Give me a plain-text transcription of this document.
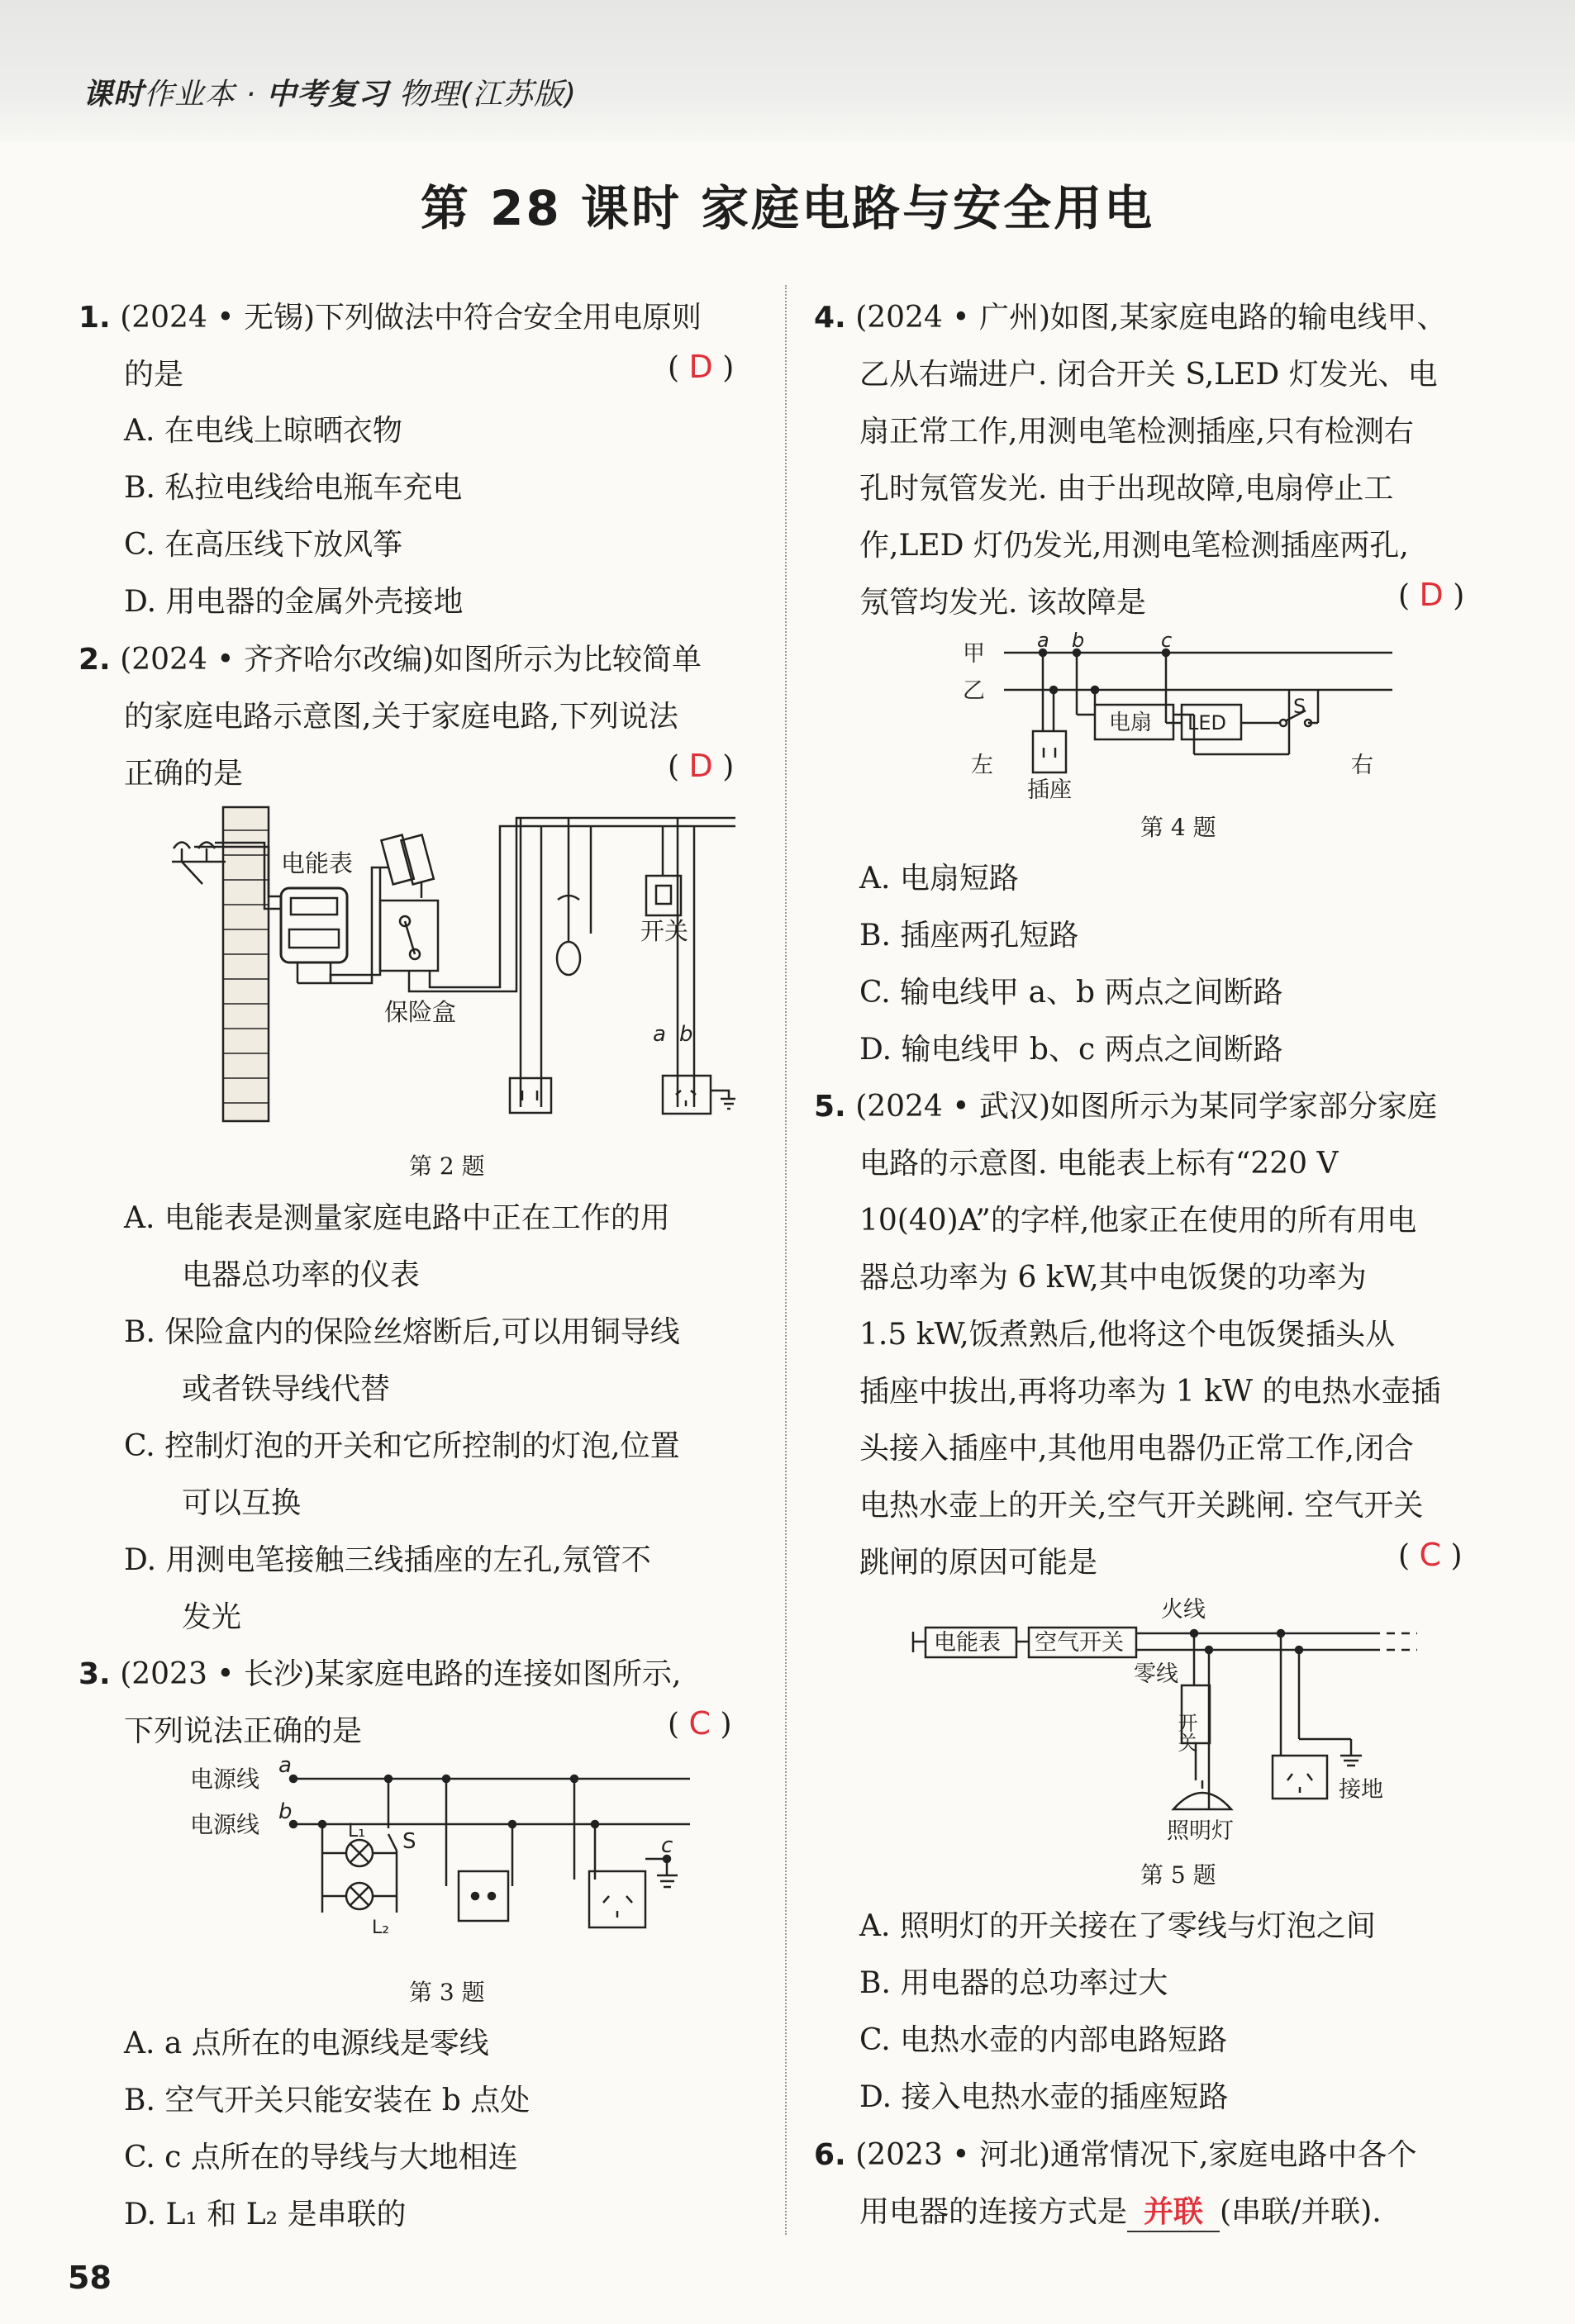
课时作业本 · 中考复习 物理(江苏版)
第 28 课时 家庭电路与安全用电
1. (2024 • 无锡)下列做法中符合安全用电原则
的是	( D )
A. 在电线上晾晒衣物
B. 私拉电线给电瓶车充电
C. 在高压线下放风筝
D. 用电器的金属外壳接地
2. (2024 • 齐齐哈尔改编)如图所示为比较简单
的家庭电路示意图,关于家庭电路,下列说法
正确的是	( D )
电能表
保险盒
开关
a b
第 2 题
A. 电能表是测量家庭电路中正在工作的用
电器总功率的仪表
B. 保险盒内的保险丝熔断后,可以用铜导线
或者铁导线代替
C. 控制灯泡的开关和它所控制的灯泡,位置
可以互换
D. 用测电笔接触三线插座的左孔,氖管不
发光
3. (2023 • 长沙)某家庭电路的连接如图所示,
下列说法正确的是	( C )
电源线
电源线
a
b
S
L₁
L₂
c
第 3 题
A. a 点所在的电源线是零线
B. 空气开关只能安装在 b 点处
C. c 点所在的导线与大地相连
D. L₁ 和 L₂ 是串联的
4. (2024 • 广州)如图,某家庭电路的输电线甲、
乙从右端进户. 闭合开关 S,LED 灯发光、电
扇正常工作,用测电笔检测插座,只有检测右
孔时氖管发光. 由于出现故障,电扇停止工
作,LED 灯仍发光,用测电笔检测插座两孔,
氖管均发光. 该故障是	( D )
甲
乙
a b	c
电扇 LED
S
左	右
插座
第 4 题
A. 电扇短路
B. 插座两孔短路
C. 输电线甲 a、b 两点之间断路
D. 输电线甲 b、c 两点之间断路
5. (2024 • 武汉)如图所示为某同学家部分家庭
电路的示意图. 电能表上标有“220 V
10(40)A”的字样,他家正在使用的所有用电
器总功率为 6 kW,其中电饭煲的功率为
1.5 kW,饭煮熟后,他将这个电饭煲插头从
插座中拔出,再将功率为 1 kW 的电热水壶插
头接入插座中,其他用电器仍正常工作,闭合
电热水壶上的开关,空气开关跳闸. 空气开关
跳闸的原因可能是	( C )
电能表 空气开关
火线
零线
开关
照明灯
接地
第 5 题
A. 照明灯的开关接在了零线与灯泡之间
B. 用电器的总功率过大
C. 电热水壶的内部电路短路
D. 接入电热水壶的插座短路
6. (2023 • 河北)通常情况下,家庭电路中各个
用电器的连接方式是 并联 (串联/并联).
58
